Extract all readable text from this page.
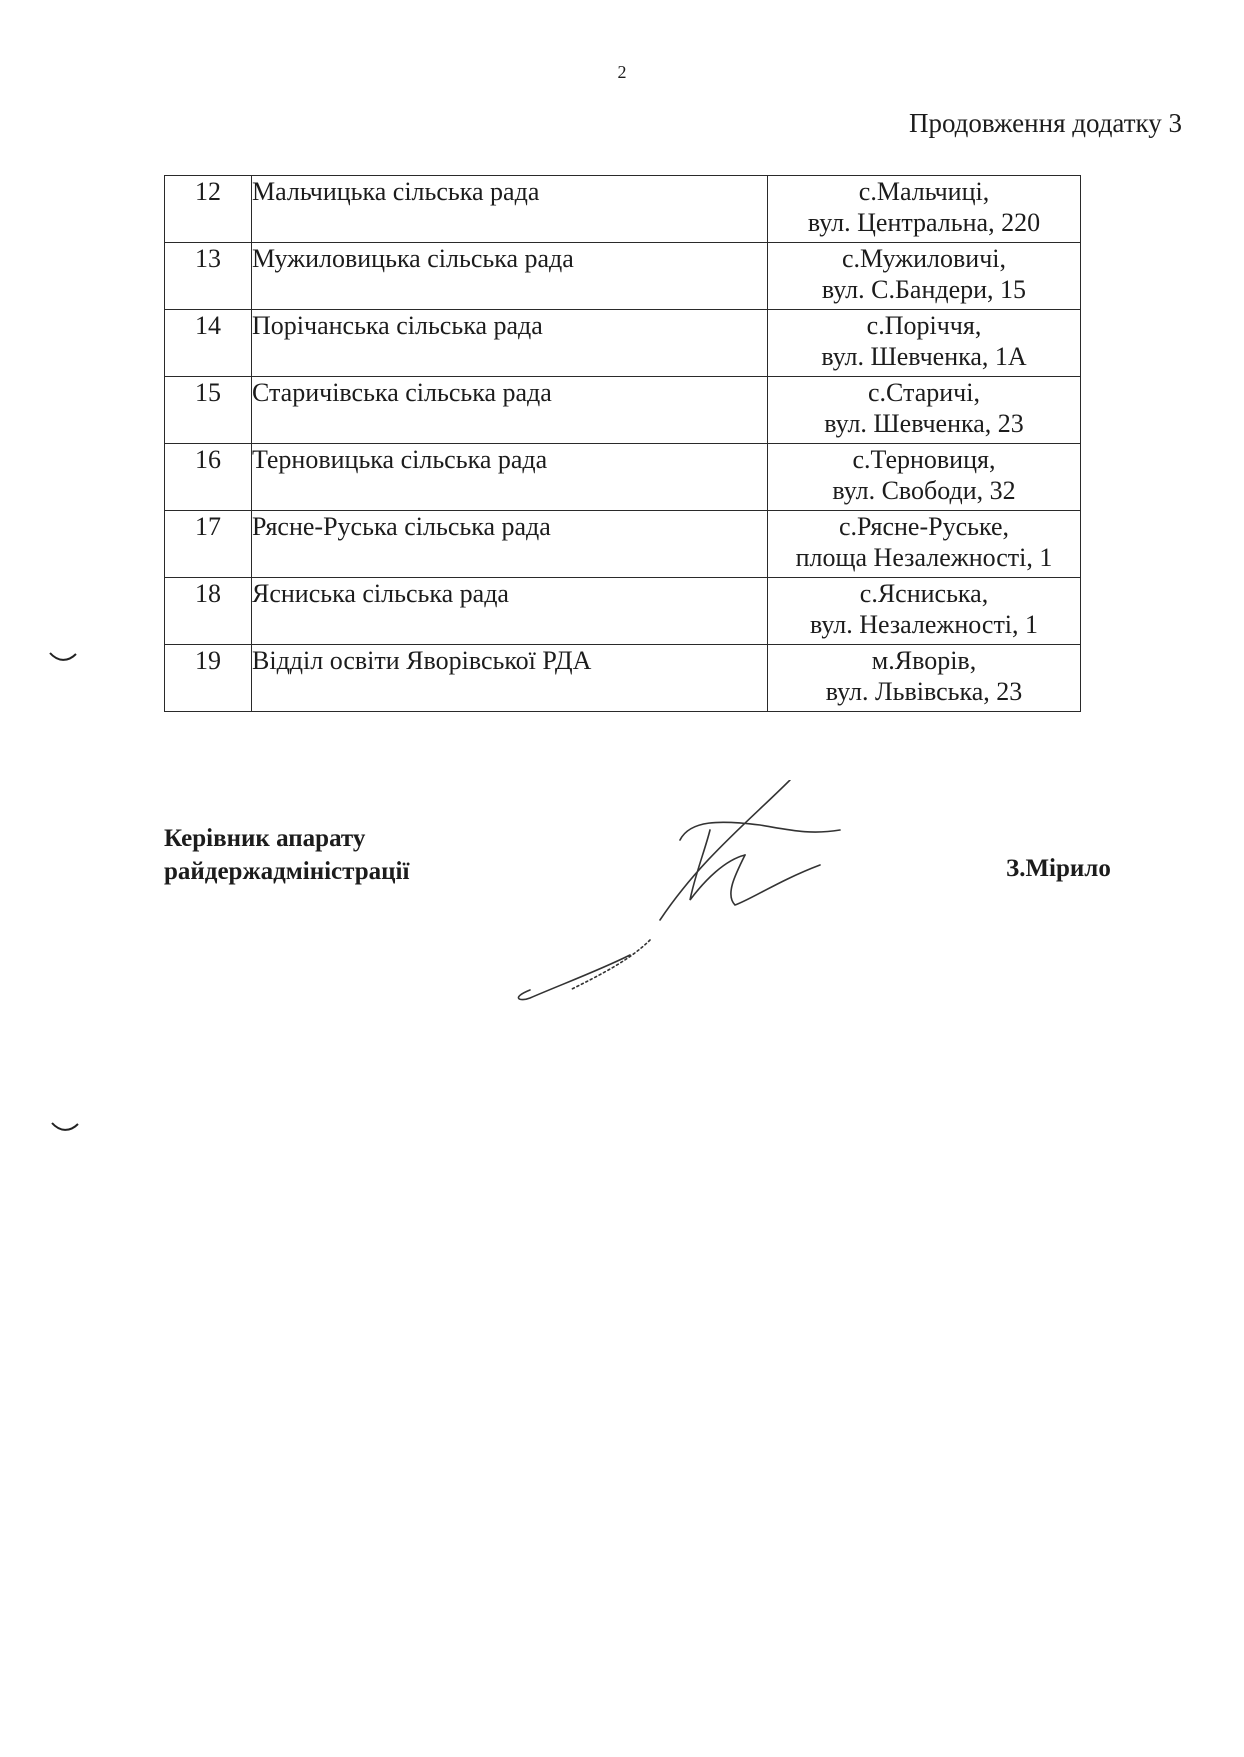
2
Продовження додатку 3
12	Мальчицька сільська рада	с.Мальчиці,
вул. Центральна, 220

13	Мужиловицька сільська рада	с.Мужиловичі,
вул. С.Бандери, 15

14	Порічанська сільська рада	с.Поріччя,
вул. Шевченка, 1А

15	Старичівська сільська рада	с.Старичі,
вул. Шевченка, 23

16	Терновицька сільська рада	с.Терновиця,
вул. Свободи, 32

17	Рясне-Руська сільська рада	с.Рясне-Руське,
площа Незалежності, 1

18	Ясниська сільська рада	с.Ясниська,
вул. Незалежності, 1

19	Відділ освіти Яворівської РДА	м.Яворів,
вул. Львівська, 23
Керівник апарату
райдержадміністрації	З.Мірило
